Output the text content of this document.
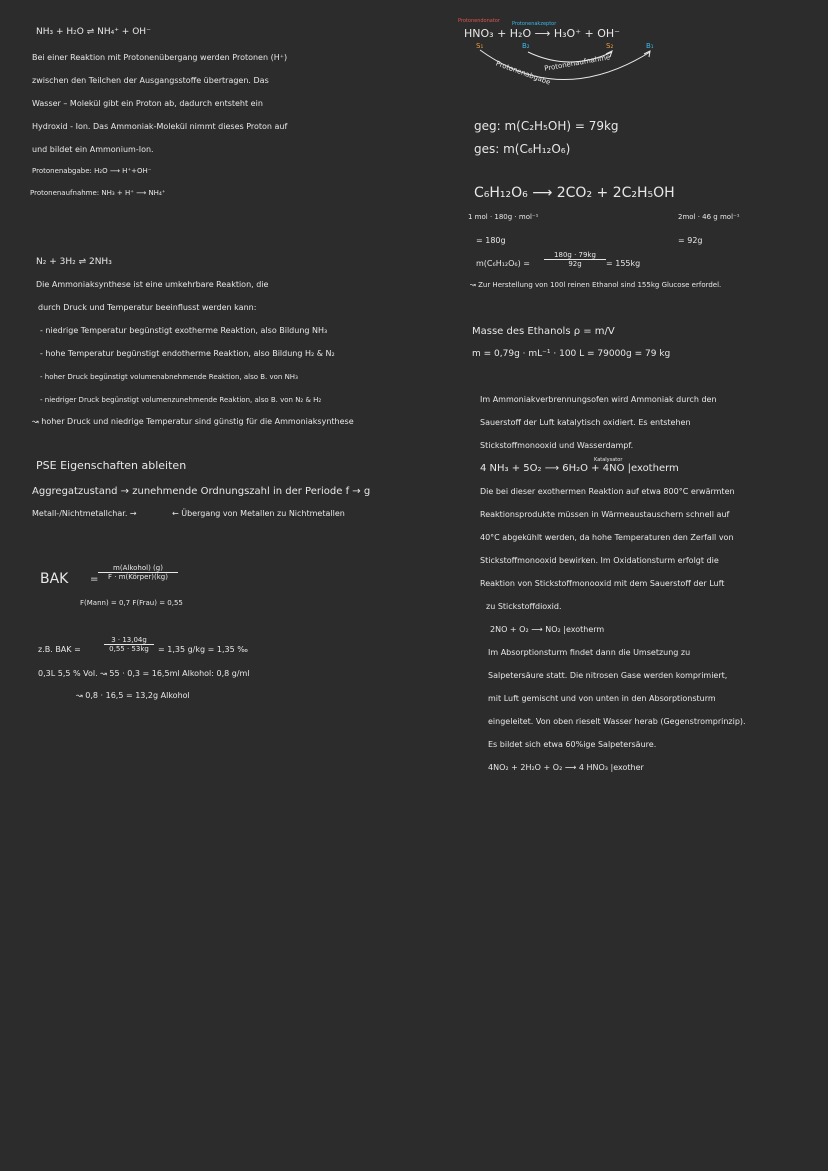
NH₃ + H₂O ⇌ NH₄⁺ + OH⁻
Bei einer Reaktion mit Protonenübergang werden Protonen (H⁺)
zwischen den Teilchen der Ausgangsstoffe übertragen. Das
Wasser – Molekül gibt ein Proton ab, dadurch entsteht ein
Hydroxid - Ion. Das Ammoniak-Molekül nimmt dieses Proton auf
und bildet ein Ammonium-Ion.
Protonenabgabe: H₂O ⟶ H⁺+OH⁻
Protonenaufnahme: NH₃ + H⁺ ⟶ NH₄⁺
N₂ + 3H₂ ⇌ 2NH₃
Die Ammoniaksynthese ist eine umkehrbare Reaktion, die
durch Druck und Temperatur beeinflusst werden kann:
- niedrige Temperatur begünstigt exotherme Reaktion, also Bildung NH₃
- hohe Temperatur begünstigt endotherme Reaktion, also Bildung H₂ & N₂
- hoher Druck begünstigt volumenabnehmende Reaktion, also B. von NH₃
- niedriger Druck begünstigt volumenzunehmende Reaktion, also B. von N₂ & H₂
↝ hoher Druck und niedrige Temperatur sind günstig für die Ammoniaksynthese
PSE Eigenschaften ableiten
Aggregatzustand → zunehmende Ordnungszahl in der Periode f → g
Metall-/Nichtmetallchar. →	← Übergang von Metallen zu Nichtmetallen
BAK =
m(Alkohol) (g)
F · m(Körper)(kg)
F(Mann) = 0,7 F(Frau) = 0,55
z.B. BAK =	$\frac{3 \cdot 13,04g}{0,55 \cdot 53kg} = 1,35$ g/kg = 1,35 ‰
0,3L 5,5 % Vol. ↝ 55 · 0,3 = 16,5ml Alkohol: 0,8 g/ml
↝ 0,8 · 16,5 = 13,2g Alkohol
Protonendonator Protonenakzeptor
HNO₃ + H₂O ⟶ H₃O⁺ + OH⁻
S₁	B₂	S₂	B₁
Protonenaufnahme
Protonenabgabe
geg: m(C₂H₅OH) = 79kg
ges: m(C₆H₁₂O₆)
C₆H₁₂O₆ ⟶ 2CO₂ + 2C₂H₅OH
1 mol · 180g · mol⁻¹	2mol · 46 g mol⁻¹
= 180g	= 92g
$m(C_6H_{12}O_6) = \frac{180g \cdot 79kg}{92g} = 155kg$
↝ Zur Herstellung von 100l reinen Ethanol sind 155kg Glucose erfordel.
Masse des Ethanols ρ = m/V
m = 0,79g · mL⁻¹ · 100 L = 79000g = 79 kg
Im Ammoniakverbrennungsofen wird Ammoniak durch den
Sauerstoff der Luft katalytisch oxidiert. Es entstehen
Stickstoffmonooxid und Wasserdampf.
Katalysator
4 NH₃ + 5O₂ ⟶ 6H₂O + 4NO |exotherm
Die bei dieser exothermen Reaktion auf etwa 800°C erwärmten
Reaktionsprodukte müssen in Wärmeaustauschern schnell auf
40°C abgekühlt werden, da hohe Temperaturen den Zerfall von
Stickstoffmonooxid bewirken. Im Oxidationsturm erfolgt die
Reaktion von Stickstoffmonooxid mit dem Sauerstoff der Luft
zu Stickstoffdioxid.
2NO + O₂ ⟶ NO₂ |exotherm
Im Absorptionsturm findet dann die Umsetzung zu
Salpetersäure statt. Die nitrosen Gase werden komprimiert,
mit Luft gemischt und von unten in den Absorptionsturm
eingeleitet. Von oben rieselt Wasser herab (Gegenstromprinzip).
Es bildet sich etwa 60%ige Salpetersäure.
4NO₂ + 2H₂O + O₂ ⟶ 4 HNO₃ |exother
